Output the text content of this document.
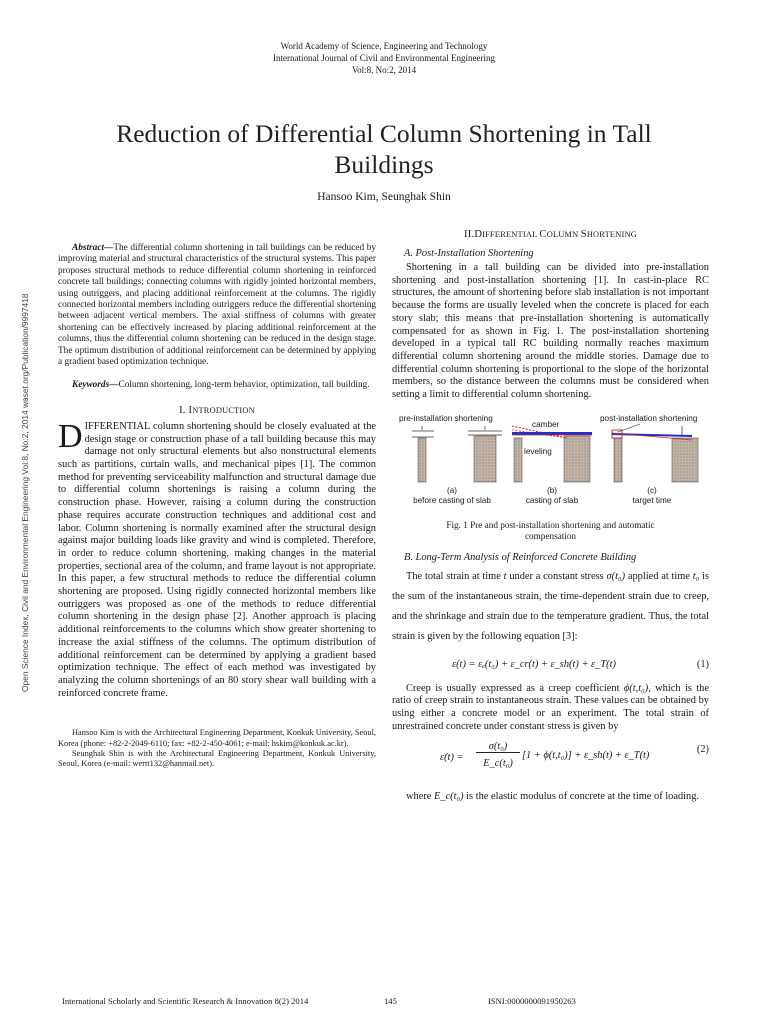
World Academy of Science, Engineering and Technology
International Journal of Civil and Environmental Engineering
Vol:8, No:2, 2014
Reduction of Differential Column Shortening in Tall
Buildings
Hansoo Kim, Seunghak Shin
Open Science Index, Civil and Environmental Engineering Vol:8, No:2, 2014 waset.org/Publication/9997418
Abstract—The differential column shortening in tall buildings can be reduced by improving material and structural characteristics of the structural systems. This paper proposes structural methods to reduce differential column shortening in reinforced concrete tall buildings; connecting columns with rigidly jointed horizontal members, using outriggers, and placing additional reinforcement at the columns. The rigidly connected horizontal members including outriggers reduce the differential shortening between adjacent vertical members. The axial stiffness of columns with greater shortening can be effectively increased by placing additional reinforcement at the columns, thus the differential column shortening can be reduced in the design stage. The optimum distribution of additional reinforcement can be determined by applying a gradient based optimization technique.
Keywords—Column shortening, long-term behavior, optimization, tall building.
I. INTRODUCTION
DIFFERENTIAL column shortening should be closely evaluated at the design stage or construction phase of a tall building because this may damage not only structural elements but also nonstructural elements such as partitions, curtain walls, and mechanical pipes [1]. The common method for preventing serviceability malfunction and structural damage due to differential column shortenings is raising a column during the construction phase. However, raising a column during the construction phase requires accurate construction techniques and additional cost and labor. Column shortening is normally examined after the structural design against major building loads like gravity and wind is completed. Therefore, in order to reduce column shortening, making changes in the material properties, sectional area of the column, and frame layout is not appropriate. In this paper, a few structural methods to reduce the differential column shortening are proposed. Using rigidly connected horizontal members like outriggers was proposed as one of the methods to reduce differential column shortening in the design phase [2]. Another approach is placing additional reinforcements to the columns which show greater shortening to increase the axial stiffness of the columns. The optimum distribution of additional reinforcement can be determined by applying a gradient based optimization technique. The effect of each method was investigated by analyzing the column shortenings of an 80 story shear wall building with a reinforced concrete frame.

Hansoo Kim is with the Architectural Engineering Department, Konkuk University, Seoul, Korea (phone: +82-2-2049-6110; fax: +82-2-450-4061; e-mail: hskim@konkuk.ac.kr).

Seunghak Shin is with the Architectural Engineering Department, Konkuk University, Seoul, Korea (e-mail: wertt132@hanmail.net).

II.DIFFERENTIAL COLUMN SHORTENING
A. Post-Installation Shortening
Shortening in a tall building can be divided into pre-installation shortening and post-installation shortening [1]. In cast-in-place RC structures, the amount of shortening before slab installation is not important because the forms are usually leveled when the concrete is placed for each story slab; this means that pre-installation shortening is automatically compensated for as shown in Fig. 1. The post-installation shortening developed in a typical tall RC building normally reaches maximum differential column shortening around the middle stories. Damage due to differential column shortening is proportional to the slope of the horizontal members, so the distance between the columns must be considered when setting a limit to differential column shortening.
pre-installation shortening
camber
leveling
post-installation shortening
(a)
before casting of slab
(b)
casting of slab
(c)
target time
Fig. 1 Pre and post-installation shortening and automatic compensation
B. Long-Term Analysis of Reinforced Concrete Building
The total strain at time t under a constant stress σ(t₀) applied at time t₀ is the sum of the instantaneous strain, the time-dependent strain due to creep, and the shrinkage and strain due to the temperature gradient. Thus, the total strain is given by the following equation [3]:
ε(t) = εₑ(t₀) + ε_cr(t) + ε_sh(t) + ε_T(t)	(1)
Creep is usually expressed as a creep coefficient ϕ(t,t₀), which is the ratio of creep strain to instantaneous strain. These values can be obtained by using either a concrete model or an experiment. The total strain of unrestrained concrete under constant stress is given by
ε(t) =
σ(t₀)
E_c(t₀)
[1 + ϕ(t,t₀)] + ε_sh(t) + ε_T(t)
(2)
where E_c(t₀) is the elastic modulus of concrete at the time of loading.
International Scholarly and Scientific Research & Innovation 8(2) 2014	145	ISNI:0000000091950263
